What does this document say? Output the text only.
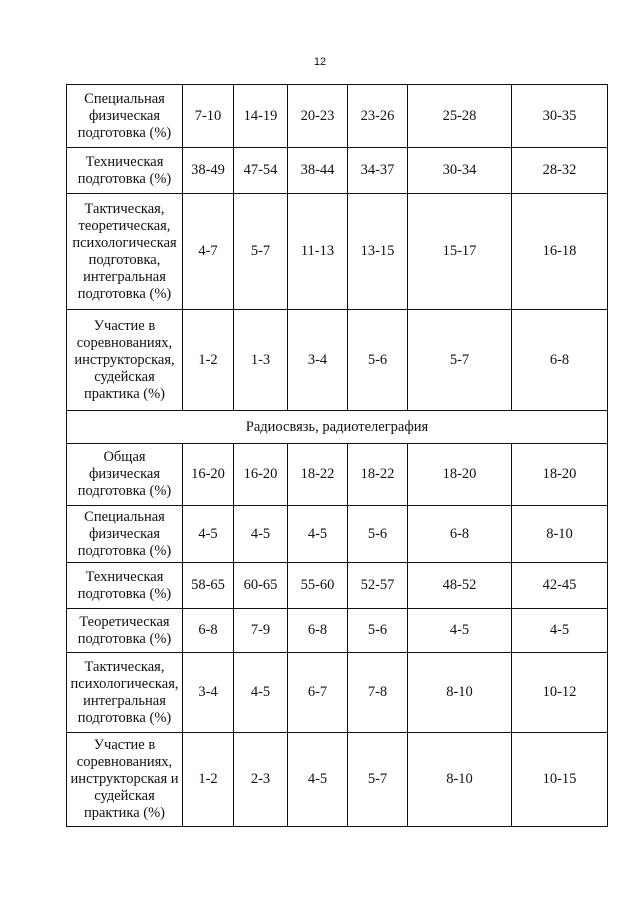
12
Специальная физическая подготовка (%)	7-10	14-19	20-23	23-26	25-28	30-35
Техническая подготовка (%)	38-49	47-54	38-44	34-37	30-34	28-32
Тактическая, теоретическая, психологическая подготовка, интегральная подготовка (%)	4-7	5-7	11-13	13-15	15-17	16-18
Участие в соревнованиях, инструкторская, судейская практика (%)	1-2	1-3	3-4	5-6	5-7	6-8
Радиосвязь, радиотелеграфия						
Общая физическая подготовка (%)	16-20	16-20	18-22	18-22	18-20	18-20
Специальная физическая подготовка (%)	4-5	4-5	4-5	5-6	6-8	8-10
Техническая подготовка (%)	58-65	60-65	55-60	52-57	48-52	42-45
Теоретическая подготовка (%)	6-8	7-9	6-8	5-6	4-5	4-5
Тактическая, психологическая, интегральная подготовка (%)	3-4	4-5	6-7	7-8	8-10	10-12
Участие в соревнованиях, инструкторская и судейская практика (%)	1-2	2-3	4-5	5-7	8-10	10-15
